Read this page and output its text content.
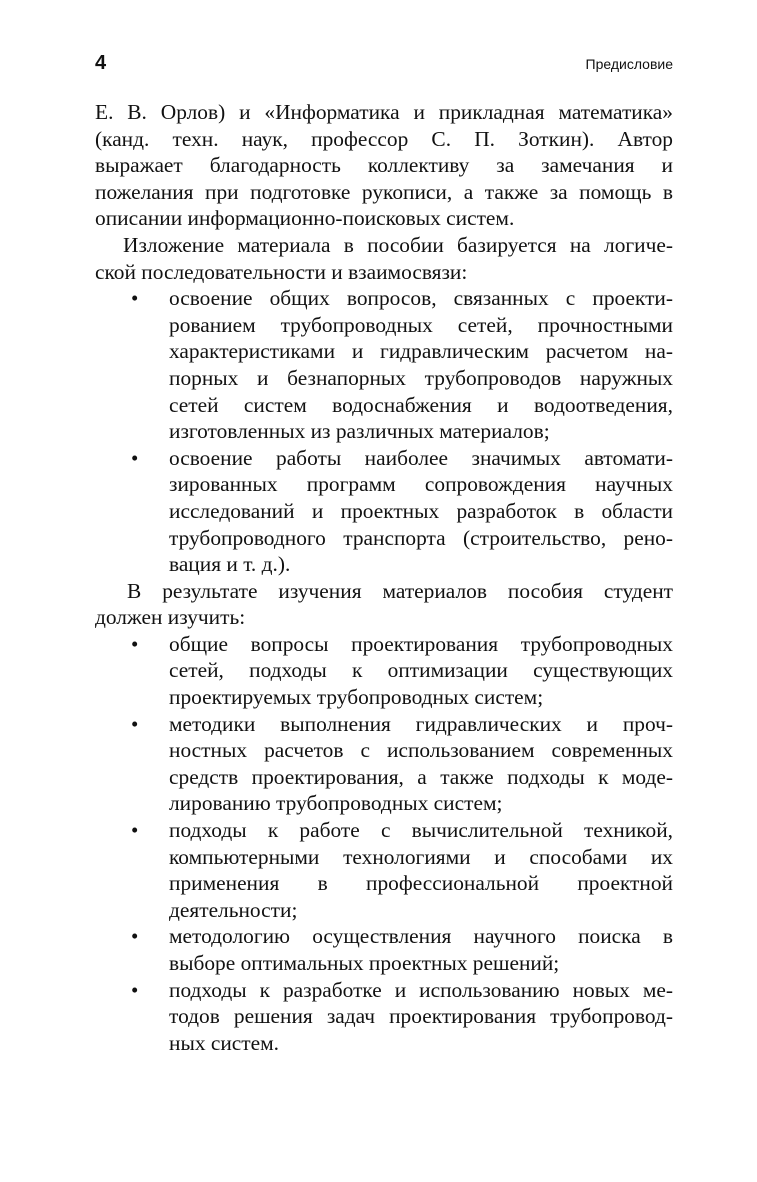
4	Предисловие
Е. В. Орлов) и «Информатика и прикладная математика»
(канд. техн. наук, профессор С. П. Зоткин). Автор
выражает благодарность коллективу за замечания и
пожелания при подготовке рукописи, а также за помощь в
описании информационно-поисковых систем.
Изложение материала в пособии базируется на логиче-
ской последовательности и взаимосвязи:
• освоение общих вопросов, связанных с проекти-
рованием трубопроводных сетей, прочностными
характеристиками и гидравлическим расчетом на-
порных и безнапорных трубопроводов наружных
сетей систем водоснабжения и водоотведения,
изготовленных из различных материалов;
• освоение работы наиболее значимых автомати-
зированных программ сопровождения научных
исследований и проектных разработок в области
трубопроводного транспорта (строительство, рено-
вация и т. д.).
В результате изучения материалов пособия студент
должен изучить:
• общие вопросы проектирования трубопроводных
сетей, подходы к оптимизации существующих
проектируемых трубопроводных систем;
• методики выполнения гидравлических и проч-
ностных расчетов с использованием современных
средств проектирования, а также подходы к моде-
лированию трубопроводных систем;
• подходы к работе с вычислительной техникой,
компьютерными технологиями и способами их
применения в профессиональной проектной
деятельности;
• методологию осуществления научного поиска в
выборе оптимальных проектных решений;
• подходы к разработке и использованию новых ме-
тодов решения задач проектирования трубопровод-
ных систем.
